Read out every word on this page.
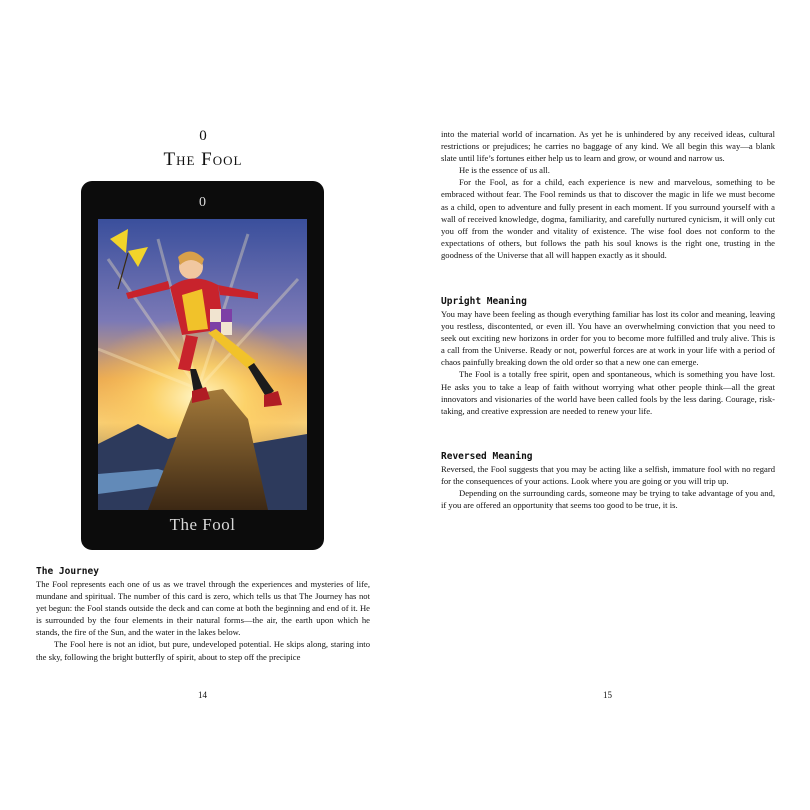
0
The Fool
0
The Fool
The Journey

The Fool represents each one of us as we travel through the experiences and mysteries of life, mundane and spiritual. The number of this card is zero, which tells us that The Journey has not yet begun: the Fool stands outside the deck and can come at both the beginning and end of it. He is surrounded by the four elements in their natural forms—the air, the earth upon which he stands, the fire of the Sun, and the water in the lakes below.

The Fool here is not an idiot, but pure, undeveloped potential. He skips along, staring into the sky, following the bright butterfly of spirit, about to step off the precipice

14

into the material world of incarnation. As yet he is unhindered by any received ideas, cultural restrictions or prejudices; he carries no baggage of any kind. We all begin this way—a blank slate until life’s fortunes either help us to learn and grow, or wound and narrow us.

He is the essence of us all.

For the Fool, as for a child, each experience is new and marvelous, something to be embraced without fear. The Fool reminds us that to discover the magic in life we must become as a child, open to adventure and fully present in each moment. If you surround yourself with a wall of received knowledge, dogma, familiarity, and carefully nurtured cynicism, it will only cut you off from the wonder and vitality of existence. The wise fool does not conform to the expectations of others, but follows the path his soul knows is the right one, trusting in the goodness of the Universe that all will happen exactly as it should.

Upright Meaning

You may have been feeling as though everything familiar has lost its color and meaning, leaving you restless, discontented, or even ill. You have an overwhelming conviction that you need to seek out exciting new horizons in order for you to become more fulfilled and truly alive. This is a call from the Universe. Ready or not, powerful forces are at work in your life with a period of chaos painfully breaking down the old order so that a new one can emerge.

The Fool is a totally free spirit, open and spontaneous, which is something you have lost. He asks you to take a leap of faith without worrying what other people think—all the great innovators and visionaries of the world have been called fools by the less daring. Courage, risk-taking, and creative expression are needed to renew your life.

Reversed Meaning

Reversed, the Fool suggests that you may be acting like a selfish, immature fool with no regard for the consequences of your actions. Look where you are going or you will trip up.

Depending on the surrounding cards, someone may be trying to take advantage of you and, if you are offered an opportunity that seems too good to be true, it is.

15
